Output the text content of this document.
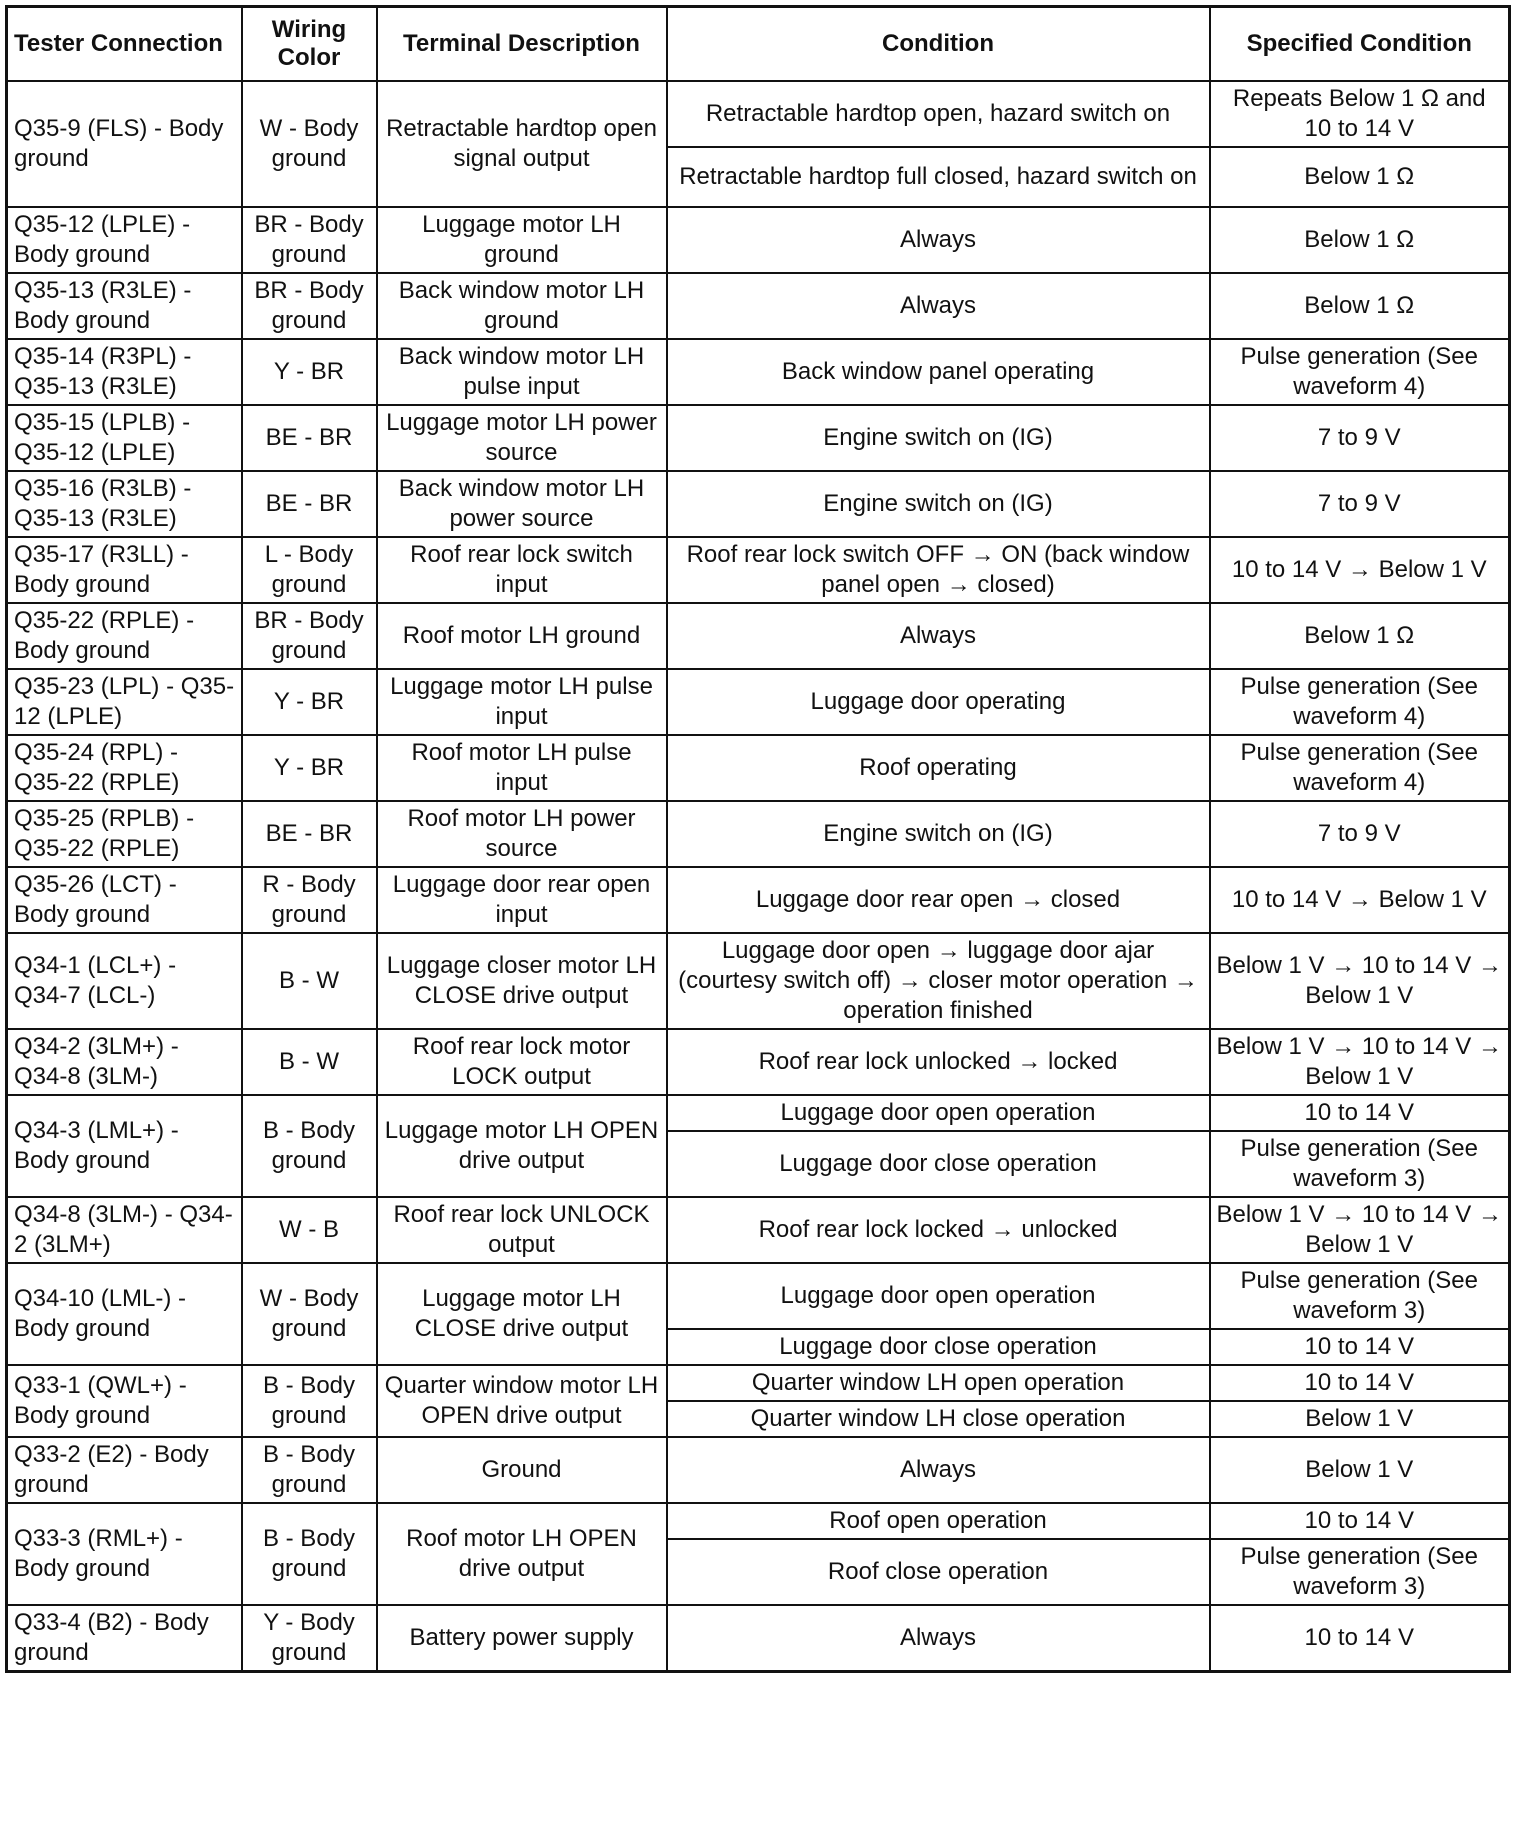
Tester Connection	Wiring Color	Terminal Description	Condition	Specified Condition
Q35-9 (FLS) - Body ground	W - Body ground	Retractable hardtop open signal output	Retractable hardtop open, hazard switch on	Repeats Below 1 Ω and 10 to 14 V
			Retractable hardtop full closed, hazard switch on	Below 1 Ω
Q35-12 (LPLE) - Body ground	BR - Body ground	Luggage motor LH ground	Always	Below 1 Ω
Q35-13 (R3LE) - Body ground	BR - Body ground	Back window motor LH ground	Always	Below 1 Ω
Q35-14 (R3PL) - Q35-13 (R3LE)	Y - BR	Back window motor LH pulse input	Back window panel operating	Pulse generation (See waveform 4)
Q35-15 (LPLB) - Q35-12 (LPLE)	BE - BR	Luggage motor LH power source	Engine switch on (IG)	7 to 9 V
Q35-16 (R3LB) - Q35-13 (R3LE)	BE - BR	Back window motor LH power source	Engine switch on (IG)	7 to 9 V
Q35-17 (R3LL) - Body ground	L - Body ground	Roof rear lock switch input	Roof rear lock switch OFF → ON (back window panel open → closed)	10 to 14 V → Below 1 V
Q35-22 (RPLE) - Body ground	BR - Body ground	Roof motor LH ground	Always	Below 1 Ω
Q35-23 (LPL) - Q35-12 (LPLE)	Y - BR	Luggage motor LH pulse input	Luggage door operating	Pulse generation (See waveform 4)
Q35-24 (RPL) - Q35-22 (RPLE)	Y - BR	Roof motor LH pulse input	Roof operating	Pulse generation (See waveform 4)
Q35-25 (RPLB) - Q35-22 (RPLE)	BE - BR	Roof motor LH power source	Engine switch on (IG)	7 to 9 V
Q35-26 (LCT) - Body ground	R - Body ground	Luggage door rear open input	Luggage door rear open → closed	10 to 14 V → Below 1 V
Q34-1 (LCL+) - Q34-7 (LCL-)	B - W	Luggage closer motor LH CLOSE drive output	Luggage door open → luggage door ajar (courtesy switch off) → closer motor operation → operation finished	Below 1 V → 10 to 14 V → Below 1 V
Q34-2 (3LM+) - Q34-8 (3LM-)	B - W	Roof rear lock motor LOCK output	Roof rear lock unlocked → locked	Below 1 V → 10 to 14 V → Below 1 V
Q34-3 (LML+) - Body ground	B - Body ground	Luggage motor LH OPEN drive output	Luggage door open operation	10 to 14 V
			Luggage door close operation	Pulse generation (See waveform 3)
Q34-8 (3LM-) - Q34-2 (3LM+)	W - B	Roof rear lock UNLOCK output	Roof rear lock locked → unlocked	Below 1 V → 10 to 14 V → Below 1 V
Q34-10 (LML-) - Body ground	W - Body ground	Luggage motor LH CLOSE drive output	Luggage door open operation	Pulse generation (See waveform 3)
			Luggage door close operation	10 to 14 V
Q33-1 (QWL+) - Body ground	B - Body ground	Quarter window motor LH OPEN drive output	Quarter window LH open operation	10 to 14 V
			Quarter window LH close operation	Below 1 V
Q33-2 (E2) - Body ground	B - Body ground	Ground	Always	Below 1 V
Q33-3 (RML+) - Body ground	B - Body ground	Roof motor LH OPEN drive output	Roof open operation	10 to 14 V
			Roof close operation	Pulse generation (See waveform 3)
Q33-4 (B2) - Body ground	Y - Body ground	Battery power supply	Always	10 to 14 V
